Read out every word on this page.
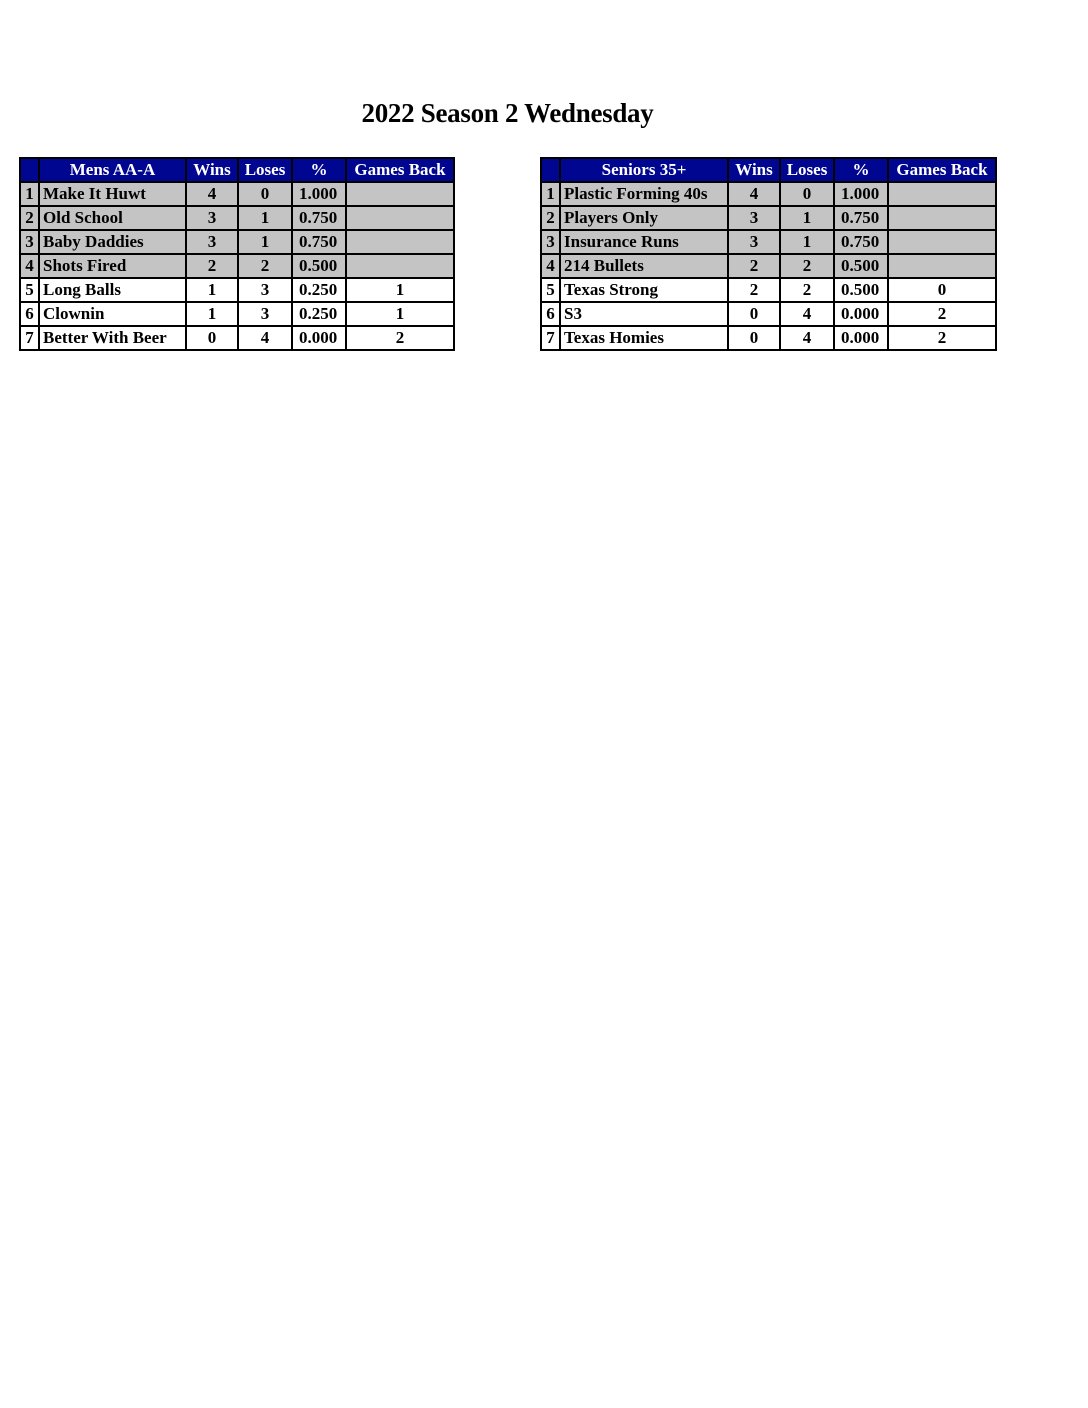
2022 Season 2 Wednesday
	Mens AA-A	Wins	Loses	%	Games Back
1	Make It Huwt	4	0	1.000	
2	Old School	3	1	0.750	
3	Baby Daddies	3	1	0.750	
4	Shots Fired	2	2	0.500	
5	Long Balls	1	3	0.250	1
6	Clownin	1	3	0.250	1
7	Better With Beer	0	4	0.000	2
	Seniors 35+	Wins	Loses	%	Games Back
1	Plastic Forming 40s	4	0	1.000	
2	Players Only	3	1	0.750	
3	Insurance Runs	3	1	0.750	
4	214 Bullets	2	2	0.500	
5	Texas Strong	2	2	0.500	0
6	S3	0	4	0.000	2
7	Texas Homies	0	4	0.000	2
